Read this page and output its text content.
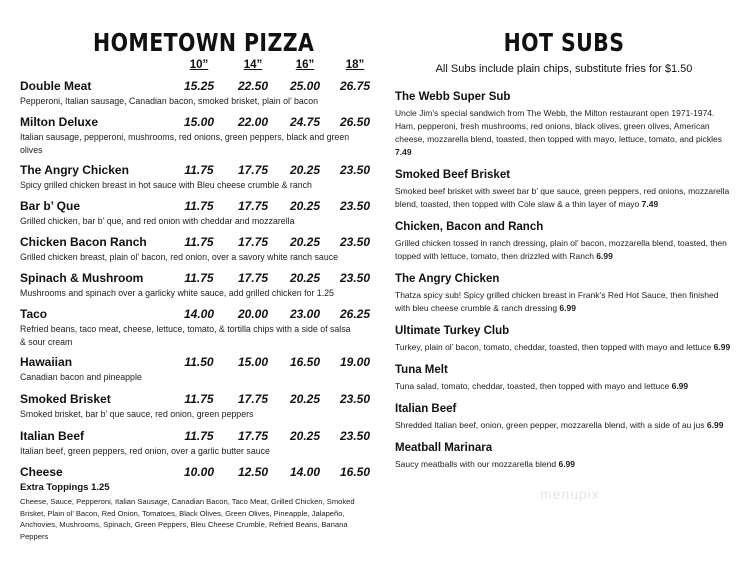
HOMETOWN PIZZA
10”	14”	16”	18”
Double Meat	15.25	22.50	25.00	26.75
Pepperoni, Italian sausage, Canadian bacon, smoked brisket, plain ol’ bacon
Milton Deluxe	15.00	22.00	24.75	26.50
Italian sausage, pepperoni, mushrooms, red onions, green peppers, black and green olives
The Angry Chicken	11.75	17.75	20.25	23.50
Spicy grilled chicken breast in hot sauce with Bleu cheese crumble & ranch
Bar b’ Que	11.75	17.75	20.25	23.50
Grilled chicken, bar b’ que, and red onion with cheddar and mozzarella
Chicken Bacon Ranch	11.75	17.75	20.25	23.50
Grilled chicken breast, plain ol’ bacon, red onion, over a savory white ranch sauce
Spinach & Mushroom	11.75	17.75	20.25	23.50
Mushrooms and spinach over a garlicky white sauce, add grilled chicken for 1.25
Taco	14.00	20.00	23.00	26.25
Refried beans, taco meat, cheese, lettuce, tomato, & tortilla chips with a side of salsa & sour cream
Hawaiian	11.50	15.00	16.50	19.00
Canadian bacon and pineapple
Smoked Brisket	11.75	17.75	20.25	23.50
Smoked brisket, bar b’ que sauce, red onion, green peppers
Italian Beef	11.75	17.75	20.25	23.50
Italian beef, green peppers, red onion, over a garlic butter sauce
Cheese	10.00	12.50	14.00	16.50
Extra Toppings 1.25
Cheese, Sauce, Pepperoni, Italian Sausage, Canadian Bacon, Taco Meat, Grilled Chicken, Smoked Brisket, Plain ol’ Bacon, Red Onion, Tomatoes, Black Olives, Green Olives, Pineapple, Jalapeño, Anchovies, Mushrooms, Spinach, Green Peppers, Bleu Cheese Crumble, Refried Beans, Banana Peppers
HOT SUBS
All Subs include plain chips, substitute fries for $1.50
The Webb Super Sub
Uncle Jim’s special sandwich from The Webb, the Milton restaurant open 1971-1974. Ham, pepperoni, fresh mushrooms, red onions, black olives, green olives, American cheese, mozzarella blend, toasted, then topped with mayo, lettuce, tomato, and pickles 7.49
Smoked Beef Brisket
Smoked beef brisket with sweet bar b’ que sauce, green peppers, red onions, mozzarella blend, toasted, then topped with Cole slaw & a thin layer of mayo 7.49
Chicken, Bacon and Ranch
Grilled chicken tossed in ranch dressing, plain ol’ bacon, mozzarella blend, toasted, then topped with lettuce, tomato, then drizzled with Ranch 6.99
The Angry Chicken
Thatza spicy sub! Spicy grilled chicken breast in Frank’s Red Hot Sauce, then finished with bleu cheese crumble & ranch dressing 6.99
Ultimate Turkey Club
Turkey, plain ol’ bacon, tomato, cheddar, toasted, then topped with mayo and lettuce 6.99
Tuna Melt
Tuna salad, tomato, cheddar, toasted, then topped with mayo and lettuce 6.99
Italian Beef
Shredded Italian beef, onion, green pepper, mozzarella blend, with a side of au jus 6.99
Meatball Marinara
Saucy meatballs with our mozzarella blend 6.99
menupix
